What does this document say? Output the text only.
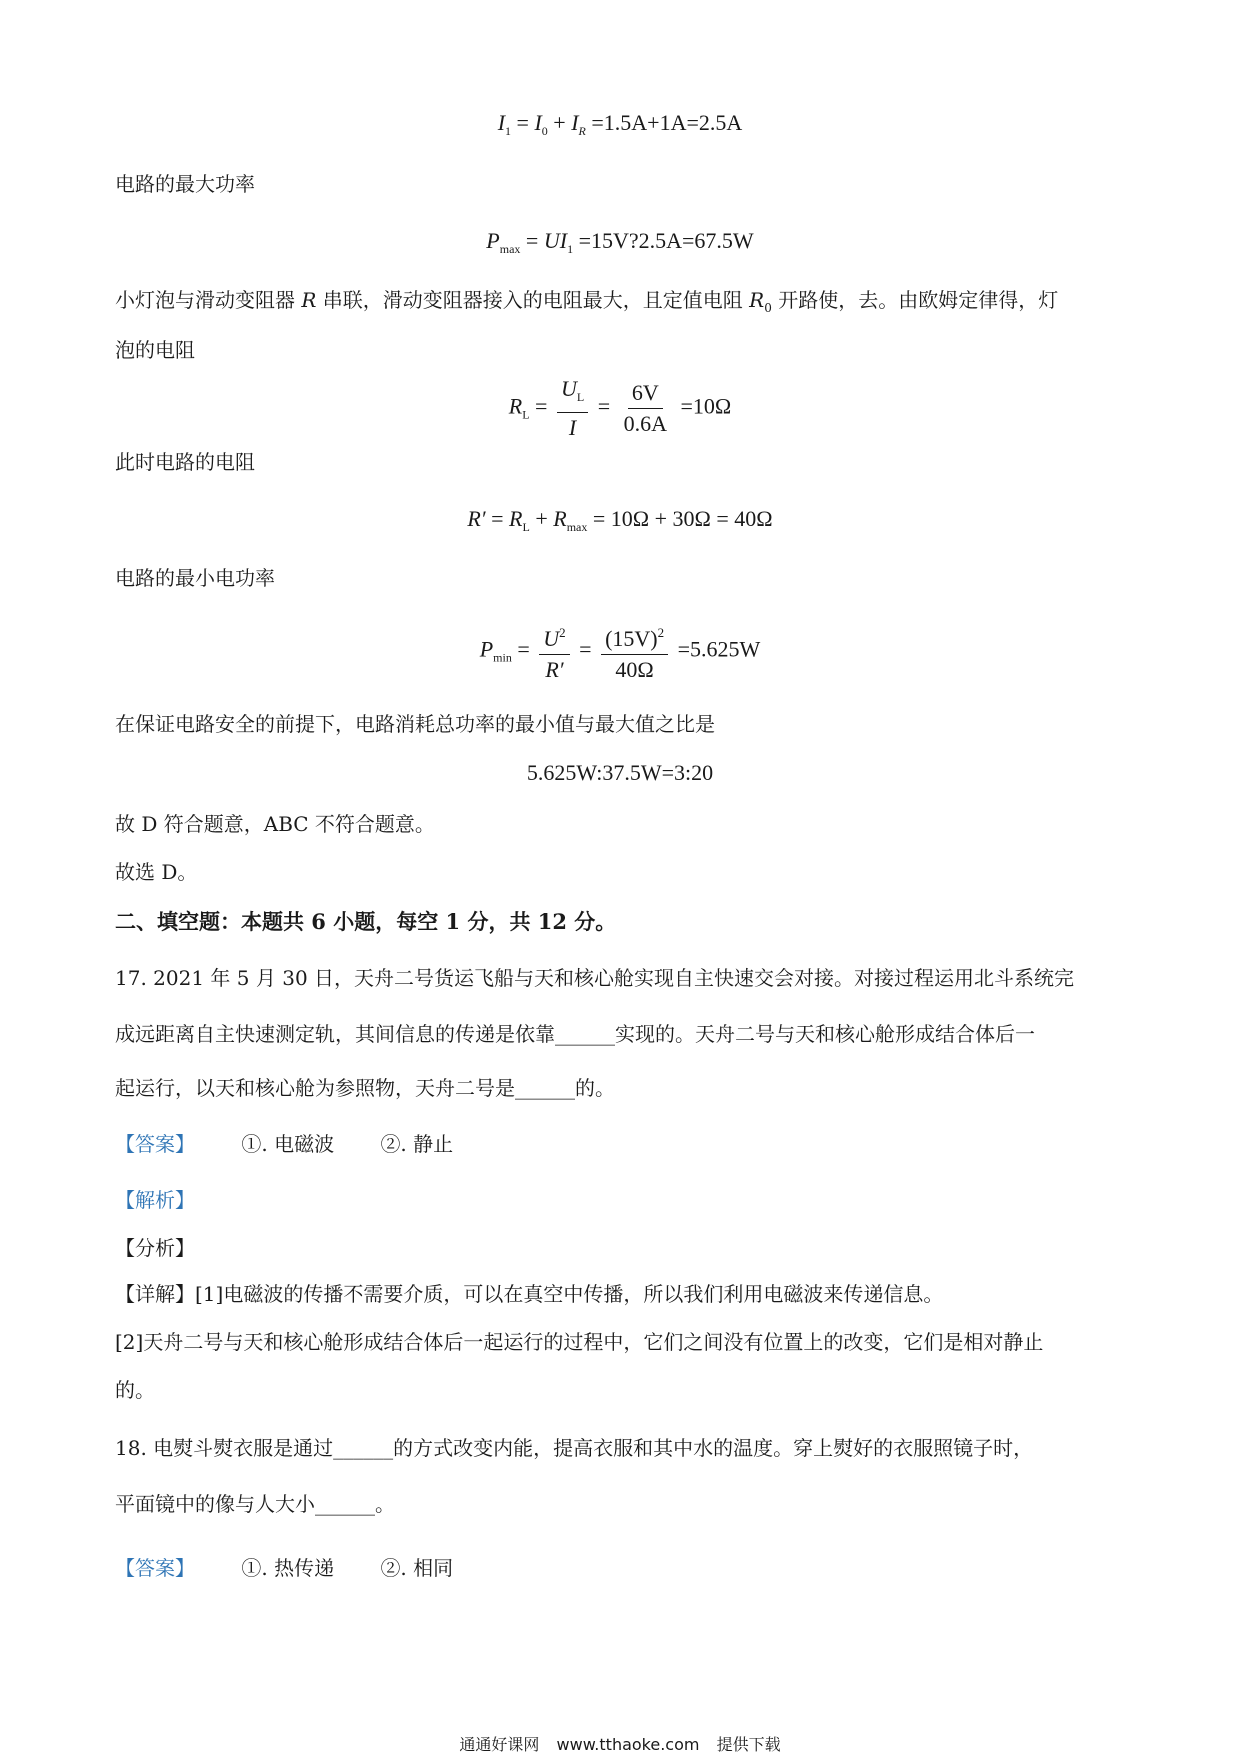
$I_1 = I_0 + I_R =1.5A+1A=2.5A$
电路的最大功率
$P_{max} = UI_1$ =15V?2.5A=67.5W
小灯泡与滑动变阻器 R 串联，滑动变阻器接入的电阻最大，且定值电阻 $R_0$ 开路使，去。由欧姆定律得，灯
泡的电阻
$R_L = \frac{U_L}{I} = \frac{6V}{0.6A} =10\Omega$
此时电路的电阻
$R' = R_L + R_{max} = 10\Omega + 30\Omega = 40\Omega$
电路的最小电功率
$P_{min} = \frac{U^2}{R'} = \frac{(15V)^2}{40\Omega} =5.625W$
在保证电路安全的前提下，电路消耗总功率的最小值与最大值之比是
5.625W:37.5W=3:20
故 D 符合题意，ABC 不符合题意。
故选 D。
二、填空题：本题共 6 小题，每空 1 分，共 12 分。
17. 2021 年 5 月 30 日，天舟二号货运飞船与天和核心舱实现自主快速交会对接。对接过程运用北斗系统完
成远距离自主快速测定轨，其间信息的传递是依靠______实现的。天舟二号与天和核心舱形成结合体后一
起运行，以天和核心舱为参照物，天舟二号是______的。
【答案】 ①. 电磁波 ②. 静止
【解析】
【分析】
【详解】[1]电磁波的传播不需要介质，可以在真空中传播，所以我们利用电磁波来传递信息。
[2]天舟二号与天和核心舱形成结合体后一起运行的过程中，它们之间没有位置上的改变，它们是相对静止
的。
18. 电熨斗熨衣服是通过______的方式改变内能，提高衣服和其中水的温度。穿上熨好的衣服照镜子时，
平面镜中的像与人大小______。
【答案】 ①. 热传递 ②. 相同
通通好课网 www.tthaoke.com 提供下载
